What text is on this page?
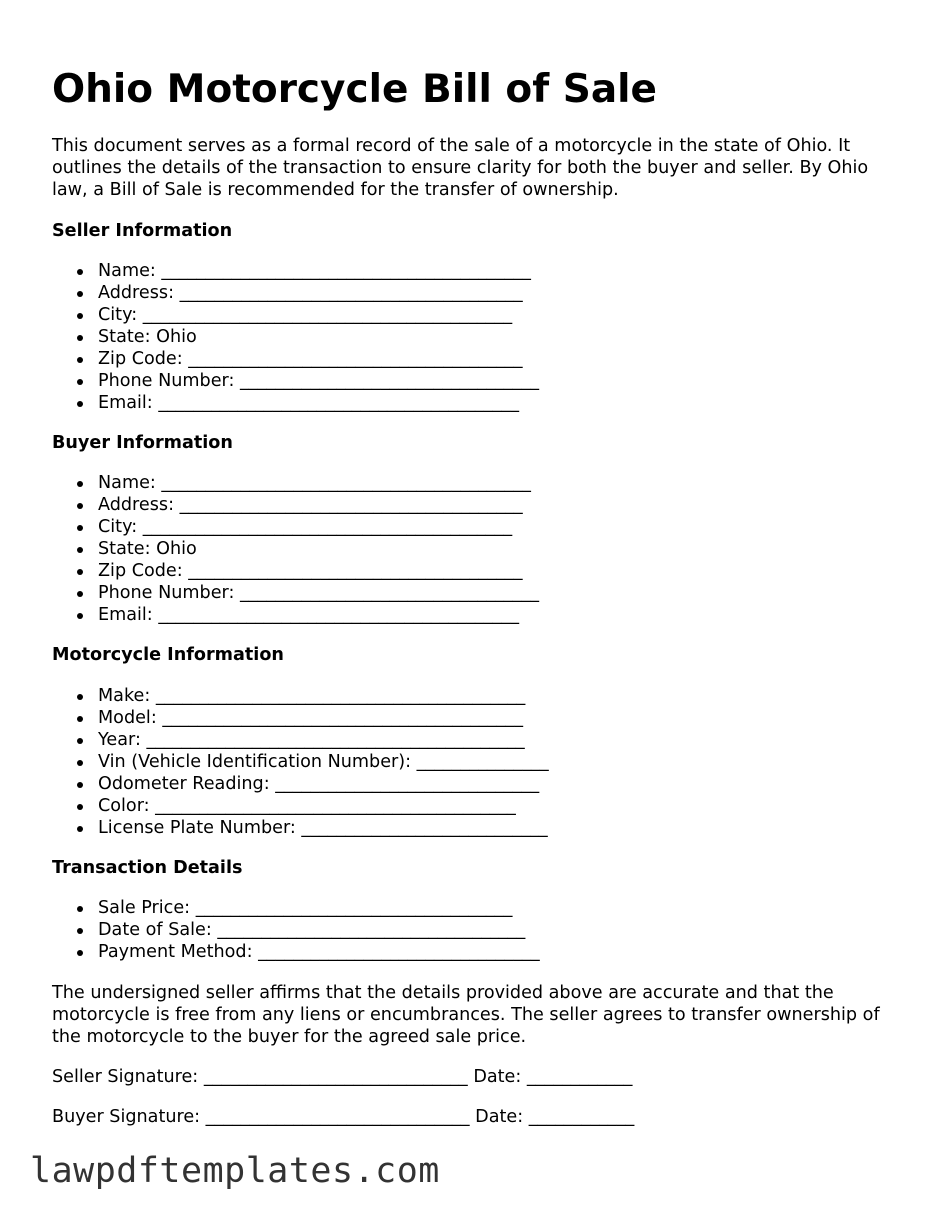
Ohio Motorcycle Bill of Sale

This document serves as a formal record of the sale of a motorcycle in the state of Ohio. It outlines the details of the transaction to ensure clarity for both the buyer and seller. By Ohio law, a Bill of Sale is recommended for the transfer of ownership.

Seller Information
Name: __________________________________________
Address: _______________________________________
City: __________________________________________
State: Ohio
Zip Code: ______________________________________
Phone Number: __________________________________
Email: _________________________________________
Buyer Information
Name: __________________________________________
Address: _______________________________________
City: __________________________________________
State: Ohio
Zip Code: ______________________________________
Phone Number: __________________________________
Email: _________________________________________
Motorcycle Information
Make: __________________________________________
Model: _________________________________________
Year: ___________________________________________
Vin (Vehicle Identification Number): _______________
Odometer Reading: ______________________________
Color: _________________________________________
License Plate Number: ____________________________
Transaction Details
Sale Price: ____________________________________
Date of Sale: ___________________________________
Payment Method: ________________________________

The undersigned seller affirms that the details provided above are accurate and that the motorcycle is free from any liens or encumbrances. The seller agrees to transfer ownership of the motorcycle to the buyer for the agreed sale price.

Seller Signature: ______________________________ Date: ____________

Buyer Signature: ______________________________ Date: ____________

lawpdftemplates.com
